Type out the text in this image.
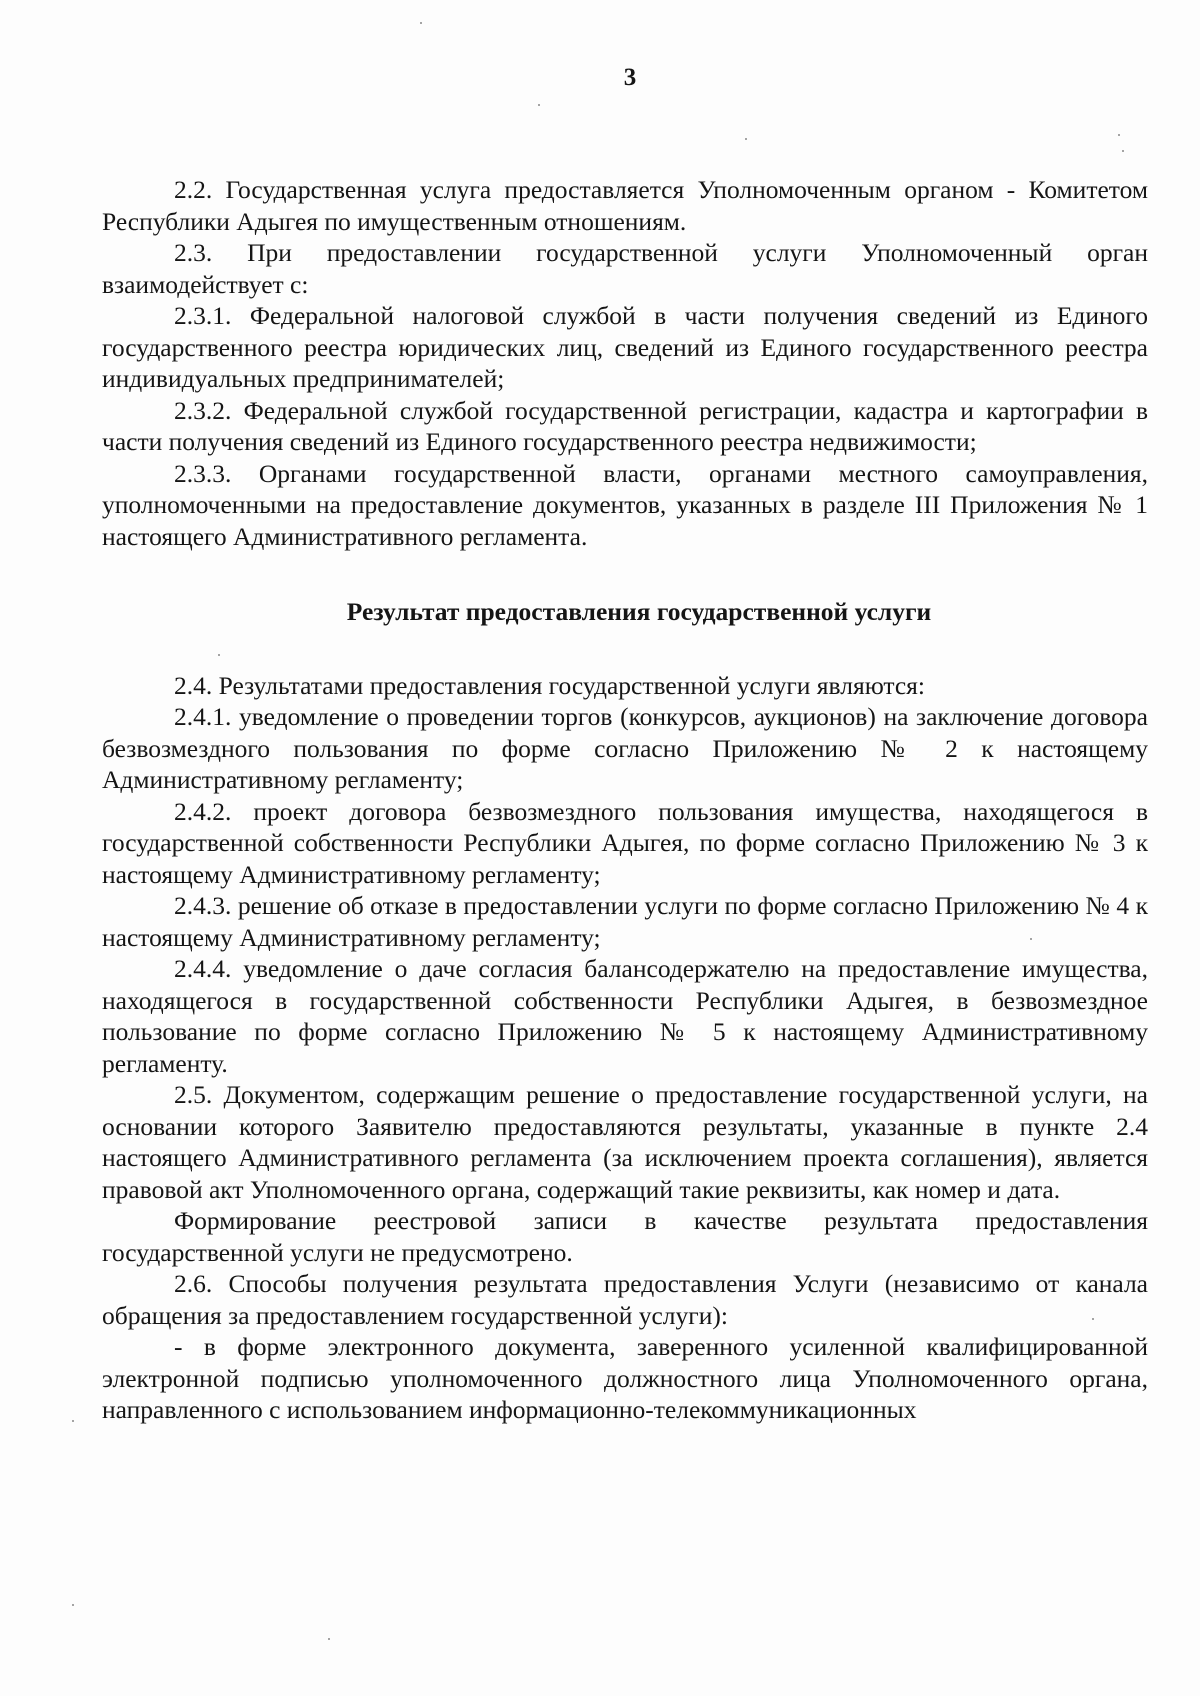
3

2.2. Государственная услуга предоставляется Уполномоченным органом - Комитетом Республики Адыгея по имущественным отношениям.

2.3. При предоставлении государственной услуги Уполномоченный орган взаимодействует с:

2.3.1. Федеральной налоговой службой в части получения сведений из Единого государственного реестра юридических лиц, сведений из Единого государственного реестра индивидуальных предпринимателей;

2.3.2. Федеральной службой государственной регистрации, кадастра и картографии в части получения сведений из Единого государственного реестра недвижимости;

2.3.3. Органами государственной власти, органами местного самоуправления, уполномоченными на предоставление документов, указанных в разделе III Приложения № 1 настоящего Административного регламента.

Результат предоставления государственной услуги

2.4. Результатами предоставления государственной услуги являются:

2.4.1. уведомление о проведении торгов (конкурсов, аукционов) на заключение договора безвозмездного пользования по форме согласно Приложению № 2 к настоящему Административному регламенту;

2.4.2. проект договора безвозмездного пользования имущества, находящегося в государственной собственности Республики Адыгея, по форме согласно Приложению № 3 к настоящему Административному регламенту;

2.4.3. решение об отказе в предоставлении услуги по форме согласно Приложению № 4 к настоящему Административному регламенту;

2.4.4. уведомление о даче согласия балансодержателю на предоставление имущества, находящегося в государственной собственности Республики Адыгея, в безвозмездное пользование по форме согласно Приложению № 5 к настоящему Административному регламенту.

2.5. Документом, содержащим решение о предоставление государственной услуги, на основании которого Заявителю предоставляются результаты, указанные в пункте 2.4 настоящего Административного регламента (за исключением проекта соглашения), является правовой акт Уполномоченного органа, содержащий такие реквизиты, как номер и дата.

Формирование реестровой записи в качестве результата предоставления государственной услуги не предусмотрено.

2.6. Способы получения результата предоставления Услуги (независимо от канала обращения за предоставлением государственной услуги):

- в форме электронного документа, заверенного усиленной квалифицированной электронной подписью уполномоченного должностного лица Уполномоченного органа, направленного с использованием информационно-телекоммуникационных
